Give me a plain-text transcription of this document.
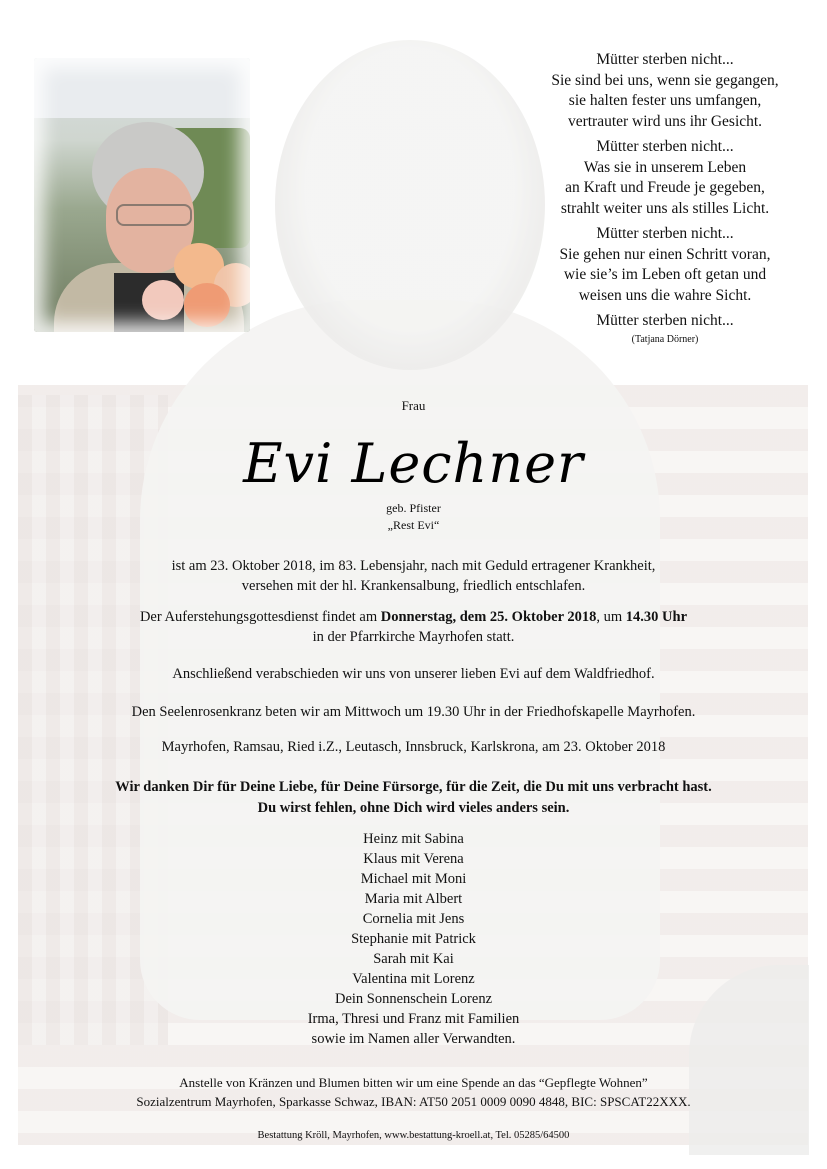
Mütter sterben nicht...
Sie sind bei uns, wenn sie gegangen,
sie halten fester uns umfangen,
vertrauter wird uns ihr Gesicht.
Mütter sterben nicht...
Was sie in unserem Leben
an Kraft und Freude je gegeben,
strahlt weiter uns als stilles Licht.
Mütter sterben nicht...
Sie gehen nur einen Schritt voran,
wie sie’s im Leben oft getan und
weisen uns die wahre Sicht.
Mütter sterben nicht...
(Tatjana Dörner)
Frau
Evi Lechner
geb. Pfister
„Rest Evi“
ist am 23. Oktober 2018, im 83. Lebensjahr, nach mit Geduld ertragener Krankheit,
versehen mit der hl. Krankensalbung, friedlich entschlafen.
Der Auferstehungsgottesdienst findet am Donnerstag, dem 25. Oktober 2018, um 14.30 Uhr
in der Pfarrkirche Mayrhofen statt.
Anschließend verabschieden wir uns von unserer lieben Evi auf dem Waldfriedhof.
Den Seelenrosenkranz beten wir am Mittwoch um 19.30 Uhr in der Friedhofskapelle Mayrhofen.
Mayrhofen, Ramsau, Ried i.Z., Leutasch, Innsbruck, Karlskrona, am 23. Oktober 2018
Wir danken Dir für Deine Liebe, für Deine Fürsorge, für die Zeit, die Du mit uns verbracht hast.
Du wirst fehlen, ohne Dich wird vieles anders sein.
Heinz mit Sabina
Klaus mit Verena
Michael mit Moni
Maria mit Albert
Cornelia mit Jens
Stephanie mit Patrick
Sarah mit Kai
Valentina mit Lorenz
Dein Sonnenschein Lorenz
Irma, Thresi und Franz mit Familien
sowie im Namen aller Verwandten.
Anstelle von Kränzen und Blumen bitten wir um eine Spende an das “Gepflegte Wohnen”
Sozialzentrum Mayrhofen, Sparkasse Schwaz, IBAN: AT50 2051 0009 0090 4848, BIC: SPSCAT22XXX.
Bestattung Kröll, Mayrhofen, www.bestattung-kroell.at, Tel. 05285/64500
